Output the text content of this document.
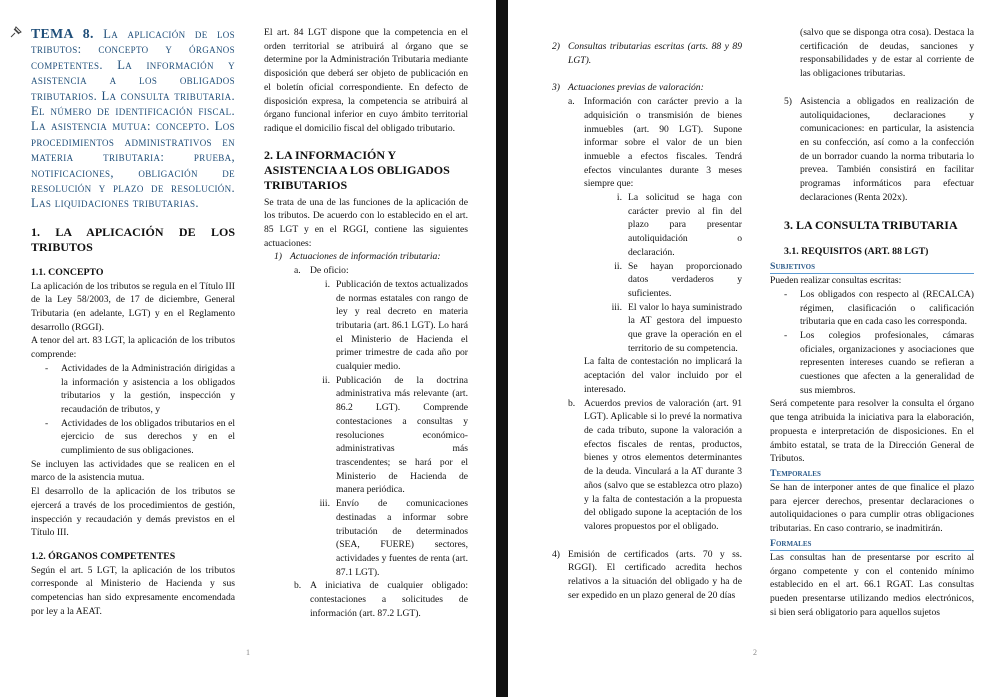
TEMA 8. La aplicación de los tributos: concepto y órganos competentes. La información y asistencia a los obligados tributarios. La consulta tributaria. El número de identificación fiscal. La asistencia mutua: concepto. Los procedimientos administrativos en materia tributaria: prueba, notificaciones, obligación de resolución y plazo de resolución. Las liquidaciones tributarias.

1. LA APLICACIÓN DE LOS TRIBUTOS

1.1. CONCEPTO

La aplicación de los tributos se regula en el Título III de la Ley 58/2003, de 17 de diciembre, General Tributaria (en adelante, LGT) y en el Reglamento desarrollo (RGGI).

A tenor del art. 83 LGT, la aplicación de los tributos comprende:

- Actividades de la Administración dirigidas a la información y asistencia a los obligados tributarios y la gestión, inspección y recaudación de tributos, y

- Actividades de los obligados tributarios en el ejercicio de sus derechos y en el cumplimiento de sus obligaciones.

Se incluyen las actividades que se realicen en el marco de la asistencia mutua.

El desarrollo de la aplicación de los tributos se ejercerá a través de los procedimientos de gestión, inspección y recaudación y demás previstos en el Título III.

1.2. ÓRGANOS COMPETENTES

Según el art. 5 LGT, la aplicación de los tributos corresponde al Ministerio de Hacienda y sus competencias han sido expresamente encomendada por ley a la AEAT.

El art. 84 LGT dispone que la competencia en el orden territorial se atribuirá al órgano que se determine por la Administración Tributaria mediante disposición que deberá ser objeto de publicación en el boletín oficial correspondiente. En defecto de disposición expresa, la competencia se atribuirá al órgano funcional inferior en cuyo ámbito territorial radique el domicilio fiscal del obligado tributario.

2. LA INFORMACIÓN Y ASISTENCIA A LOS OBLIGADOS TRIBUTARIOS

Se trata de una de las funciones de la aplicación de los tributos. De acuerdo con lo establecido en el art. 85 LGT y en el RGGI, contiene las siguientes actuaciones:

1) Actuaciones de información tributaria:

a. De oficio:

i. Publicación de textos actualizados de normas estatales con rango de ley y real decreto en materia tributaria (art. 86.1 LGT). Lo hará el Ministerio de Hacienda el primer trimestre de cada año por cualquier medio.

ii. Publicación de la doctrina administrativa más relevante (art. 86.2 LGT). Comprende contestaciones a consultas y resoluciones económico-administrativas más trascendentes; se hará por el Ministerio de Hacienda de manera periódica.

iii. Envío de comunicaciones destinadas a informar sobre tributación de determinados (SEA, FUERE) sectores, actividades y fuentes de renta (art. 87.1 LGT).

b. A iniciativa de cualquier obligado: contestaciones a solicitudes de información (art. 87.2 LGT).

1

2) Consultas tributarias escritas (arts. 88 y 89 LGT).

3) Actuaciones previas de valoración:

a. Información con carácter previo a la adquisición o transmisión de bienes inmuebles (art. 90 LGT). Supone informar sobre el valor de un bien inmueble a efectos fiscales. Tendrá efectos vinculantes durante 3 meses siempre que:

i. La solicitud se haga con carácter previo al fin del plazo para presentar autoliquidación o declaración.

ii. Se hayan proporcionado datos verdaderos y suficientes.

iii. El valor lo haya suministrado la AT gestora del impuesto que grave la operación en el territorio de su competencia.

La falta de contestación no implicará la aceptación del valor incluido por el interesado.

b. Acuerdos previos de valoración (art. 91 LGT). Aplicable si lo prevé la normativa de cada tributo, supone la valoración a efectos fiscales de rentas, productos, bienes y otros elementos determinantes de la deuda. Vinculará a la AT durante 3 años (salvo que se establezca otro plazo) y la falta de contestación a la propuesta del obligado supone la aceptación de los valores propuestos por el obligado.

4) Emisión de certificados (arts. 70 y ss. RGGI). El certificado acredita hechos relativos a la situación del obligado y ha de ser expedido en un plazo general de 20 días

(salvo que se disponga otra cosa). Destaca la certificación de deudas, sanciones y responsabilidades y de estar al corriente de las obligaciones tributarias.

5) Asistencia a obligados en realización de autoliquidaciones, declaraciones y comunicaciones: en particular, la asistencia en su confección, así como a la confección de un borrador cuando la norma tributaria lo prevea. También consistirá en facilitar programas informáticos para efectuar declaraciones (Renta 202x).

3. LA CONSULTA TRIBUTARIA

3.1. REQUISITOS (ART. 88 LGT)

Subjetivos

Pueden realizar consultas escritas:

- Los obligados con respecto al (RECALCA) régimen, clasificación o calificación tributaria que en cada caso les corresponda.

- Los colegios profesionales, cámaras oficiales, organizaciones y asociaciones que representen intereses cuando se refieran a cuestiones que afecten a la generalidad de sus miembros.

Será competente para resolver la consulta el órgano que tenga atribuida la iniciativa para la elaboración, propuesta e interpretación de disposiciones. En el ámbito estatal, se trata de la Dirección General de Tributos.

Temporales

Se han de interponer antes de que finalice el plazo para ejercer derechos, presentar declaraciones o autoliquidaciones o para cumplir otras obligaciones tributarias. En caso contrario, se inadmitirán.

Formales

Las consultas han de presentarse por escrito al órgano competente y con el contenido mínimo establecido en el art. 66.1 RGAT. Las consultas pueden presentarse utilizando medios electrónicos, si bien será obligatorio para aquellos sujetos

2
